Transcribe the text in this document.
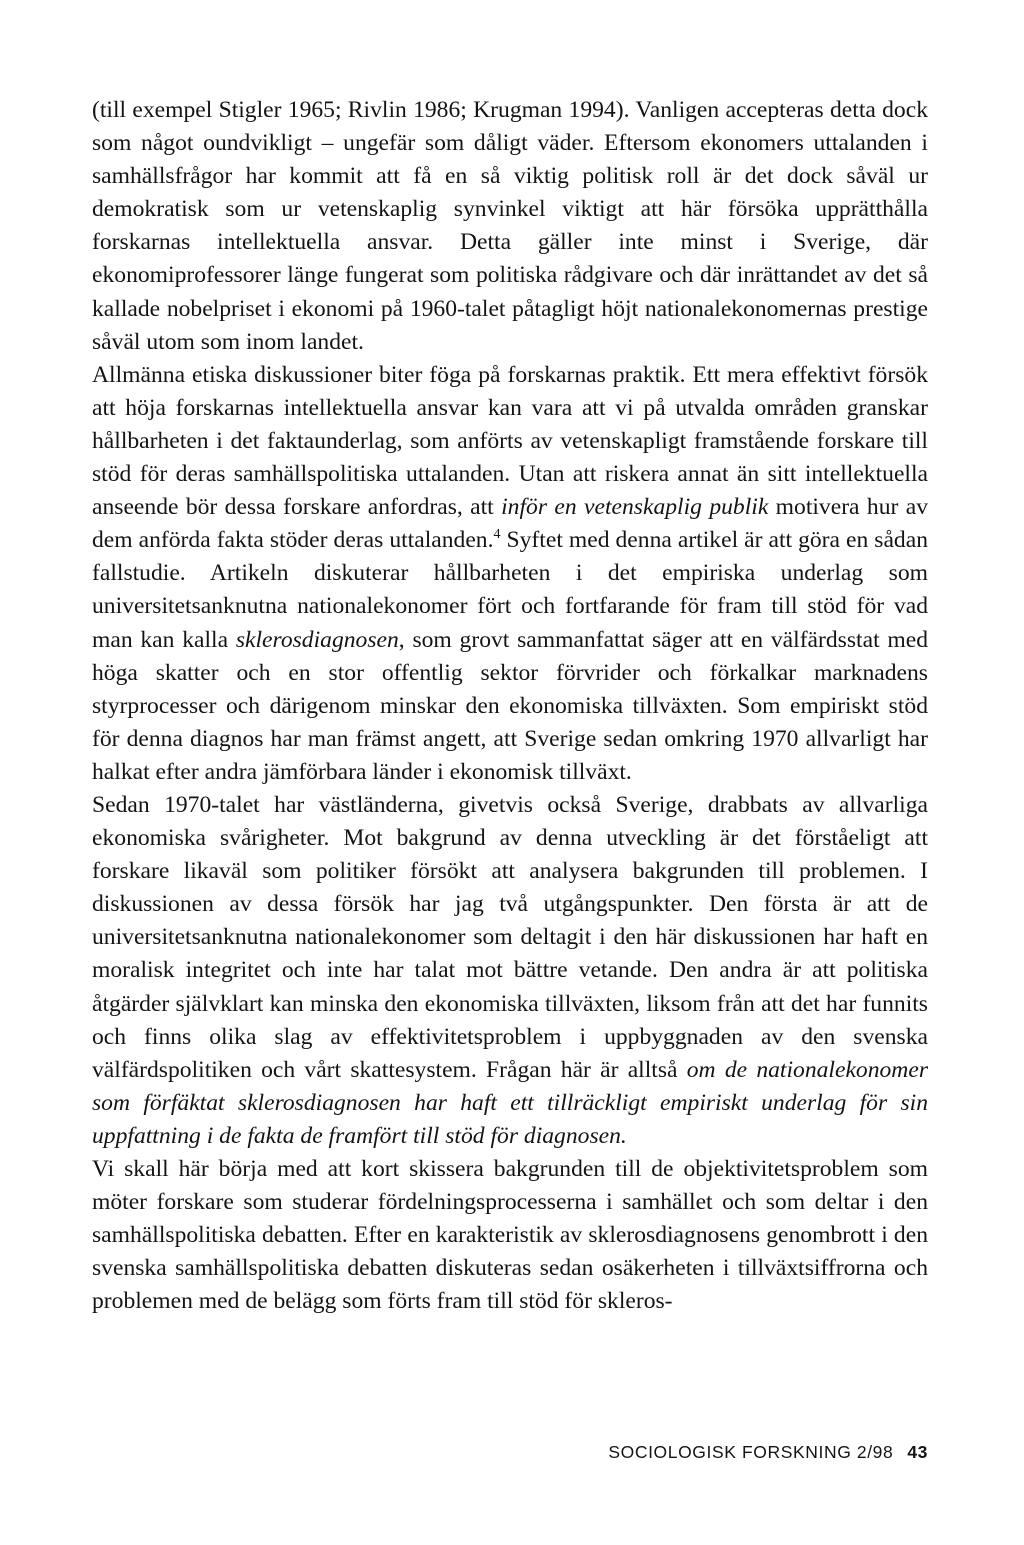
(till exempel Stigler 1965; Rivlin 1986; Krugman 1994). Vanligen accepteras detta dock som något oundvikligt – ungefär som dåligt väder. Eftersom ekonomers uttalanden i samhällsfrågor har kommit att få en så viktig politisk roll är det dock såväl ur demokratisk som ur vetenskaplig synvinkel viktigt att här försöka upprätthålla forskarnas intellektuella ansvar. Detta gäller inte minst i Sverige, där ekonomiprofessorer länge fungerat som politiska rådgivare och där inrättandet av det så kallade nobelpriset i ekonomi på 1960-talet påtagligt höjt nationalekonomernas prestige såväl utom som inom landet.

Allmänna etiska diskussioner biter föga på forskarnas praktik. Ett mera effektivt försök att höja forskarnas intellektuella ansvar kan vara att vi på utvalda områden granskar hållbarheten i det faktaunderlag, som anförts av vetenskapligt framstående forskare till stöd för deras samhällspolitiska uttalanden. Utan att riskera annat än sitt intellektuella anseende bör dessa forskare anfordras, att inför en vetenskaplig publik motivera hur av dem anförda fakta stöder deras uttalanden.$^4$ Syftet med denna artikel är att göra en sådan fallstudie. Artikeln diskuterar hållbarheten i det empiriska underlag som universitetsanknutna nationalekonomer fört och fortfarande för fram till stöd för vad man kan kalla sklerosdiagnosen, som grovt sammanfattat säger att en välfärdsstat med höga skatter och en stor offentlig sektor förvrider och förkalkar marknadens styrprocesser och därigenom minskar den ekonomiska tillväxten. Som empiriskt stöd för denna diagnos har man främst angett, att Sverige sedan omkring 1970 allvarligt har halkat efter andra jämförbara länder i ekonomisk tillväxt.

Sedan 1970-talet har västländerna, givetvis också Sverige, drabbats av allvarliga ekonomiska svårigheter. Mot bakgrund av denna utveckling är det förståeligt att forskare likaväl som politiker försökt att analysera bakgrunden till problemen. I diskussionen av dessa försök har jag två utgångspunkter. Den första är att de universitetsanknutna nationalekonomer som deltagit i den här diskussionen har haft en moralisk integritet och inte har talat mot bättre vetande. Den andra är att politiska åtgärder självklart kan minska den ekonomiska tillväxten, liksom från att det har funnits och finns olika slag av effektivitetsproblem i uppbyggnaden av den svenska välfärdspolitiken och vårt skattesystem. Frågan här är alltså om de nationalekonomer som förfäktat sklerosdiagnosen har haft ett tillräckligt empiriskt underlag för sin uppfattning i de fakta de framfört till stöd för diagnosen.

Vi skall här börja med att kort skissera bakgrunden till de objektivitetsproblem som möter forskare som studerar fördelningsprocesserna i samhället och som deltar i den samhällspolitiska debatten. Efter en karakteristik av sklerosdiagnosens genombrott i den svenska samhällspolitiska debatten diskuteras sedan osäkerheten i tillväxtsiffrorna och problemen med de belägg som förts fram till stöd för skleros-

SOCIOLOGISK FORSKNING 2/98 43
